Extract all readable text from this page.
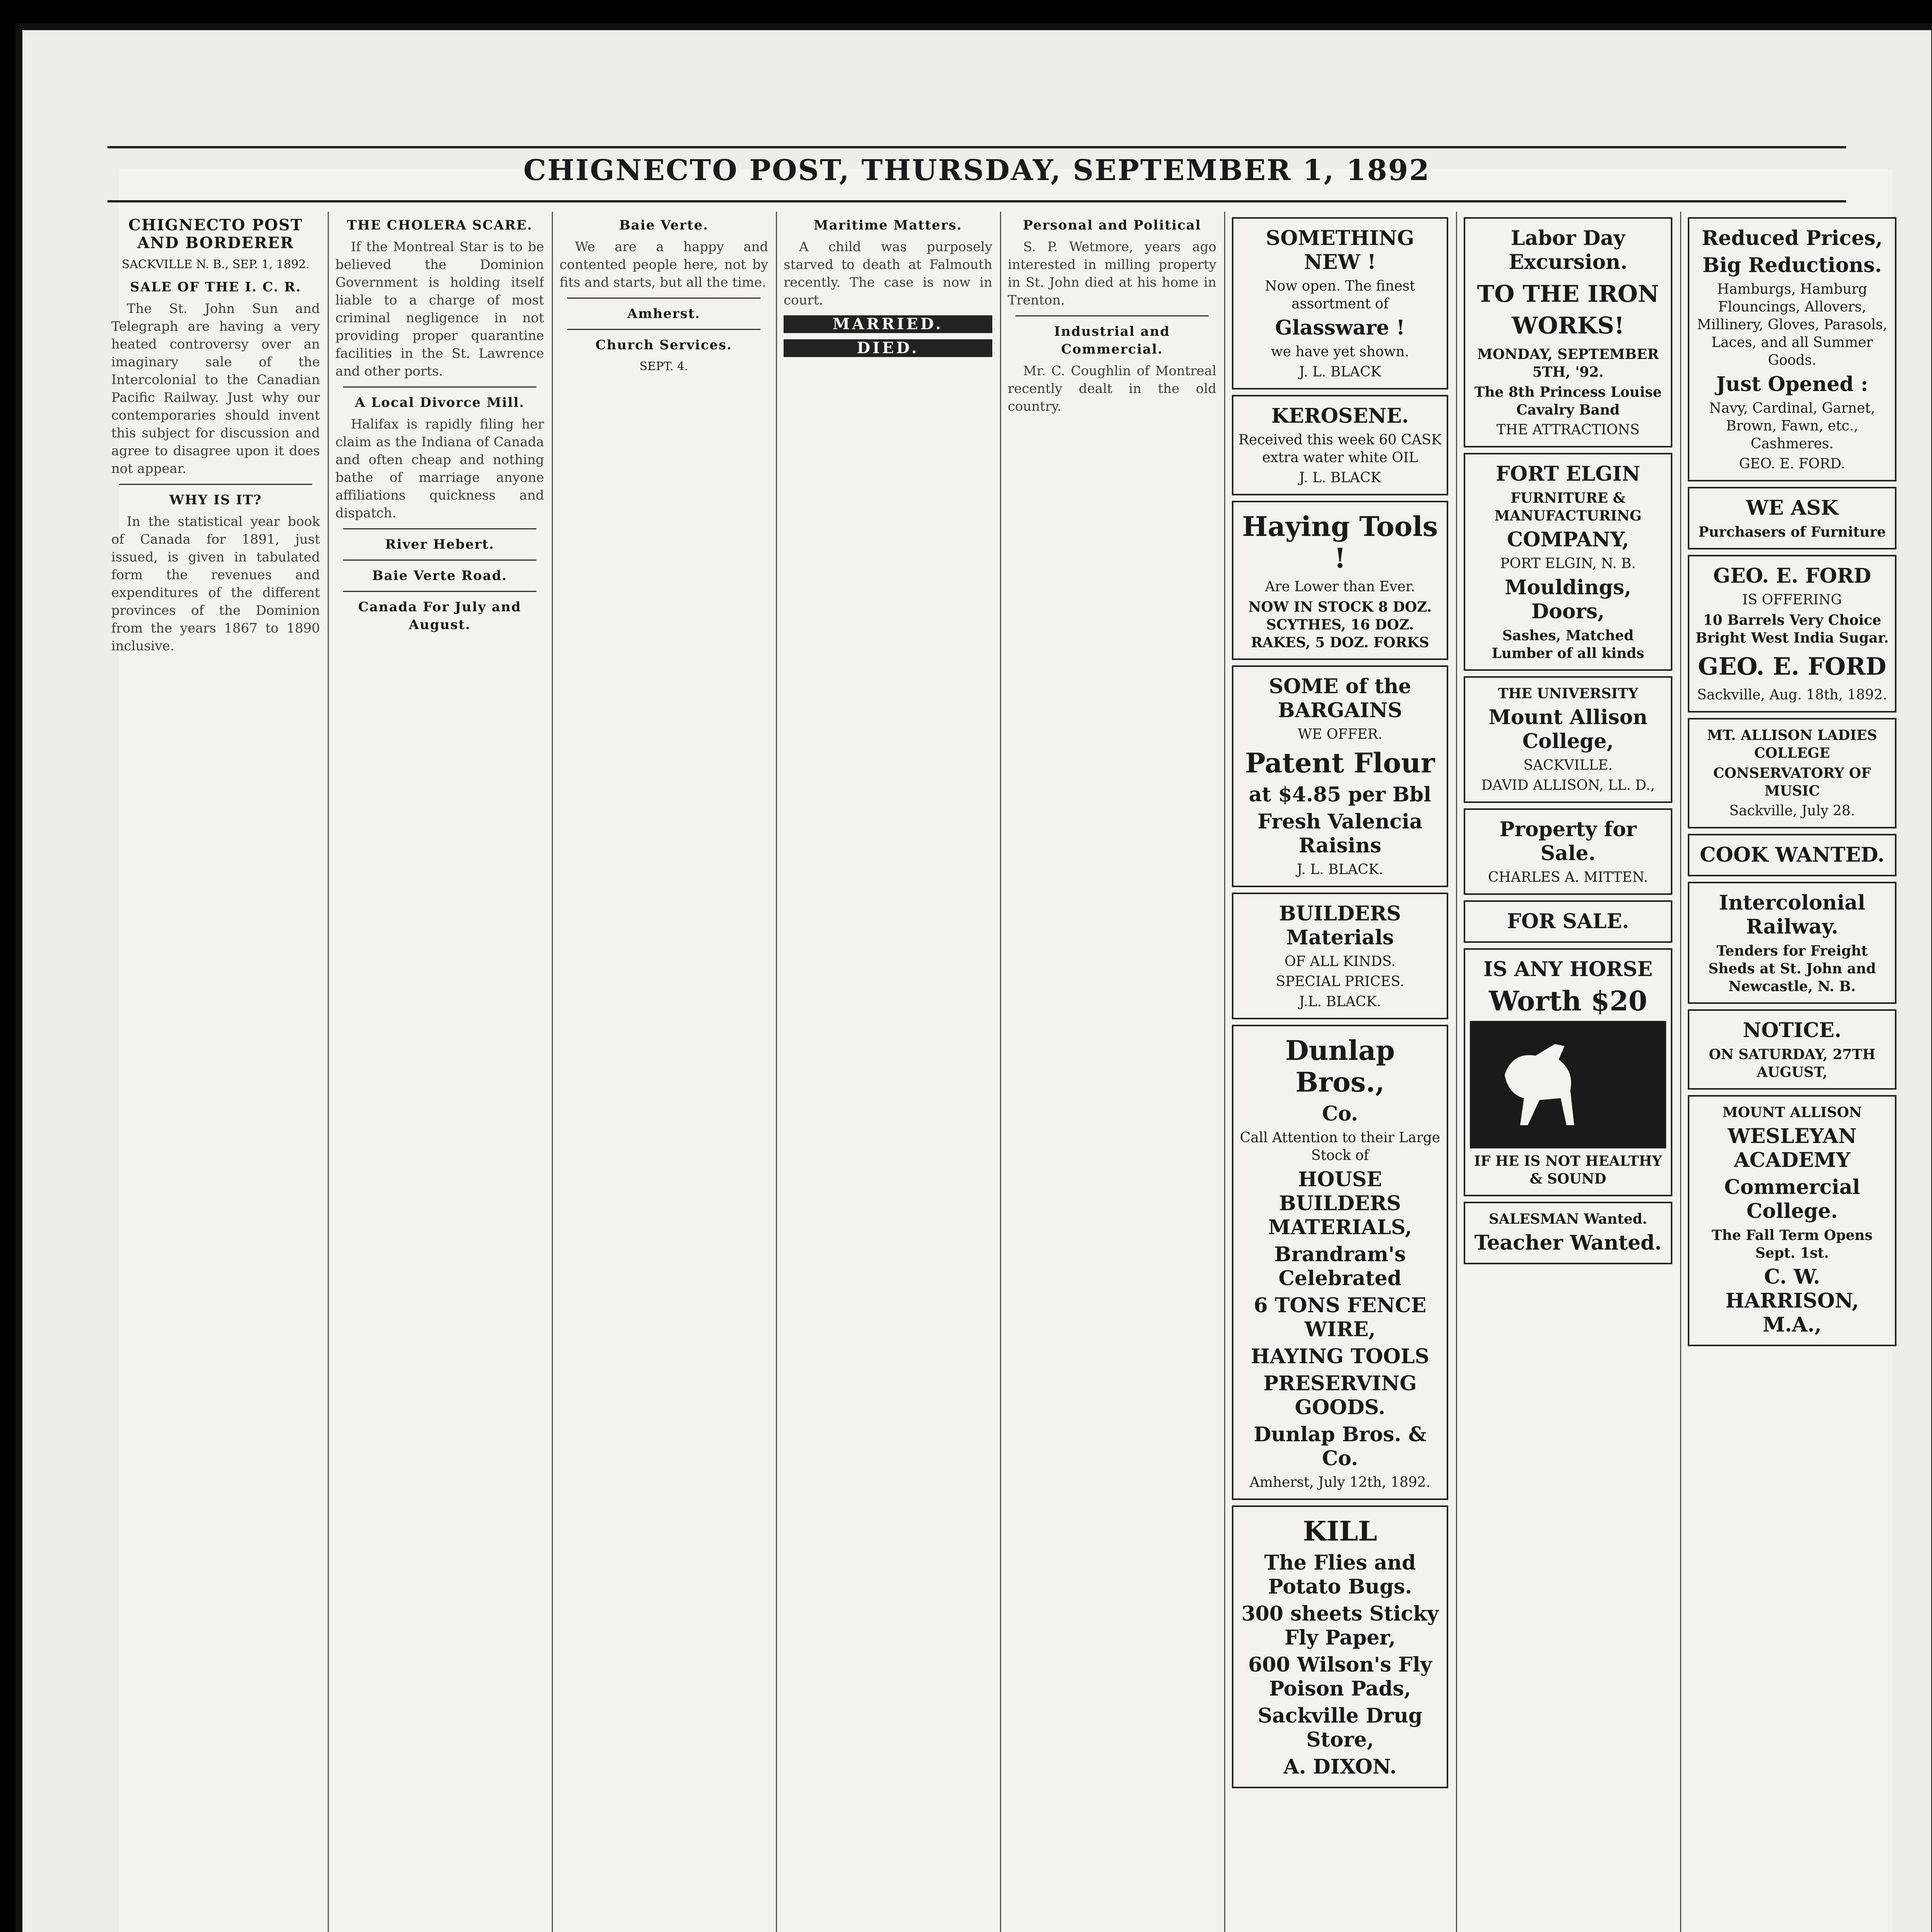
CHIGNECTO POST, THURSDAY, SEPTEMBER 1, 1892
CHIGNECTO POST AND BORDERER
SACKVILLE N. B., SEP. 1, 1892.
SALE OF THE I. C. R.

The St. John Sun and Telegraph are having a very heated controversy over an imaginary sale of the Intercolonial to the Canadian Pacific Railway. Just why our contemporaries should invent this subject for discussion and agree to disagree upon it does not appear.

WHY IS IT?

In the statistical year book of Canada for 1891, just issued, is given in tabulated form the revenues and expenditures of the different provinces of the Dominion from the years 1867 to 1890 inclusive.

THE CHOLERA SCARE.

If the Montreal Star is to be believed the Dominion Government is holding itself liable to a charge of most criminal negligence in not providing proper quarantine facilities in the St. Lawrence and other ports.

A Local Divorce Mill.

Halifax is rapidly filing her claim as the Indiana of Canada and often cheap and nothing bathe of marriage anyone affiliations quickness and dispatch.

River Hebert.
Baie Verte Road.
Canada For July and August.
Baie Verte.

We are a happy and contented people here, not by fits and starts, but all the time.

Amherst.
Church Services.
SEPT. 4.
Maritime Matters.

A child was purposely starved to death at Falmouth recently. The case is now in court.

MARRIED.
DIED.
Personal and Political

S. P. Wetmore, years ago interested in milling property in St. John died at his home in Trenton.

Industrial and Commercial.

Mr. C. Coughlin of Montreal recently dealt in the old country.

SOMETHING NEW !
Now open. The finest assortment of
Glassware !
we have yet shown.
J. L. BLACK
KEROSENE.
Received this week 60 CASK extra water white OIL
J. L. BLACK
Haying Tools !
Are Lower than Ever.
NOW IN STOCK 8 DOZ. SCYTHES, 16 DOZ. RAKES, 5 DOZ. FORKS
SOME of the BARGAINS
WE OFFER.
Patent Flour
at $4.85 per Bbl
Fresh Valencia Raisins
J. L. BLACK.
BUILDERS Materials
OF ALL KINDS.
SPECIAL PRICES.
J.L. BLACK.
Dunlap Bros.,
Co.
Call Attention to their Large Stock of
HOUSE BUILDERS MATERIALS,
Brandram's Celebrated
6 TONS FENCE WIRE,
HAYING TOOLS
PRESERVING GOODS.
Dunlap Bros. & Co.
Amherst, July 12th, 1892.
KILL
The Flies and Potato Bugs.
300 sheets Sticky Fly Paper,
600 Wilson's Fly Poison Pads,
Sackville Drug Store,
A. DIXON.
Labor Day Excursion.
TO THE IRON WORKS!
MONDAY, SEPTEMBER 5TH, '92.
The 8th Princess Louise Cavalry Band
THE ATTRACTIONS
FORT ELGIN
FURNITURE & MANUFACTURING
COMPANY,
PORT ELGIN, N. B.
Mouldings, Doors,
Sashes, Matched Lumber of all kinds
THE UNIVERSITY
Mount Allison College,
SACKVILLE.
DAVID ALLISON, LL. D.,
Property for Sale.
CHARLES A. MITTEN.
FOR SALE.
IS ANY HORSE
Worth $20
IF HE IS NOT HEALTHY & SOUND
SALESMAN Wanted.
Teacher Wanted.
Reduced Prices,
Big Reductions.
Hamburgs, Hamburg Flouncings, Allovers, Millinery, Gloves, Parasols, Laces, and all Summer Goods.
Just Opened :
Navy, Cardinal, Garnet, Brown, Fawn, etc., Cashmeres.
GEO. E. FORD.
WE ASK
Purchasers of Furniture
GEO. E. FORD
IS OFFERING
10 Barrels Very Choice Bright West India Sugar.
GEO. E. FORD
Sackville, Aug. 18th, 1892.
MT. ALLISON LADIES COLLEGE
CONSERVATORY OF MUSIC
Sackville, July 28.
COOK WANTED.
Intercolonial Railway.
Tenders for Freight Sheds at St. John and Newcastle, N. B.
NOTICE.
ON SATURDAY, 27TH AUGUST,
MOUNT ALLISON
WESLEYAN ACADEMY
Commercial College.
The Fall Term Opens Sept. 1st.
C. W. HARRISON, M.A.,
